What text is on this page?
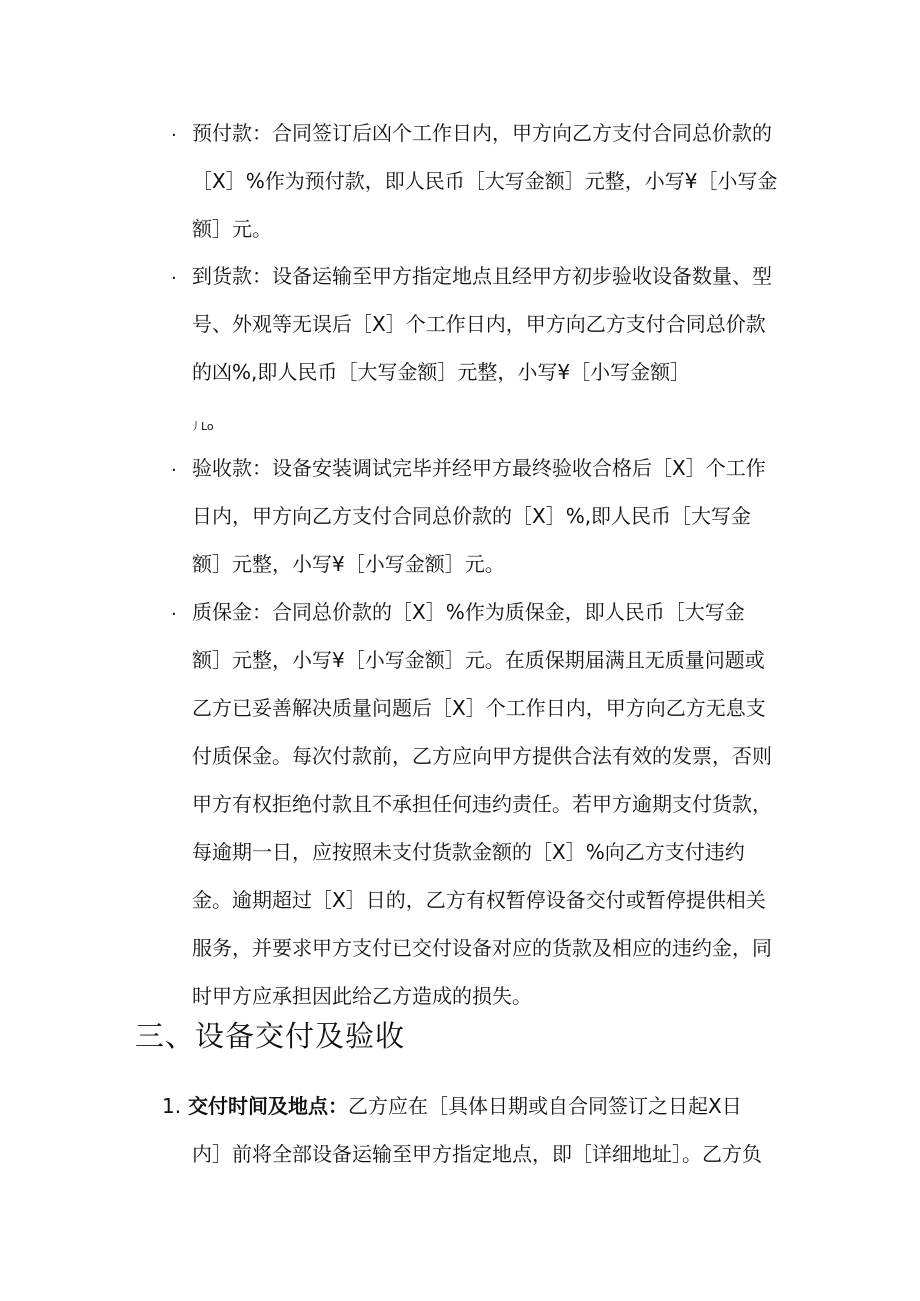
· 预付款：合同签订后凶个工作日内，甲方向乙方支付合同总价款的
［X］%作为预付款，即人民币［大写金额］元整，小写¥［小写金
额］元。
· 到货款：设备运输至甲方指定地点且经甲方初步验收设备数量、型
号、外观等无误后［X］个工作日内，甲方向乙方支付合同总价款
的凶%,即人民币［大写金额］元整，小写¥［小写金额］
丿Lo
· 验收款：设备安装调试完毕并经甲方最终验收合格后［X］个工作
日内，甲方向乙方支付合同总价款的［X］%,即人民币［大写金
额］元整，小写¥［小写金额］元。
· 质保金：合同总价款的［X］%作为质保金，即人民币［大写金
额］元整，小写¥［小写金额］元。在质保期届满且无质量问题或
乙方已妥善解决质量问题后［X］个工作日内，甲方向乙方无息支
付质保金。每次付款前，乙方应向甲方提供合法有效的发票，否则
甲方有权拒绝付款且不承担任何违约责任。若甲方逾期支付货款，
每逾期一日，应按照未支付货款金额的［X］%向乙方支付违约
金。逾期超过［X］日的，乙方有权暂停设备交付或暂停提供相关
服务，并要求甲方支付已交付设备对应的货款及相应的违约金，同
时甲方应承担因此给乙方造成的损失。
三、设备交付及验收
1. 交付时间及地点：乙方应在［具体日期或自合同签订之日起X日
内］前将全部设备运输至甲方指定地点，即［详细地址］。乙方负
